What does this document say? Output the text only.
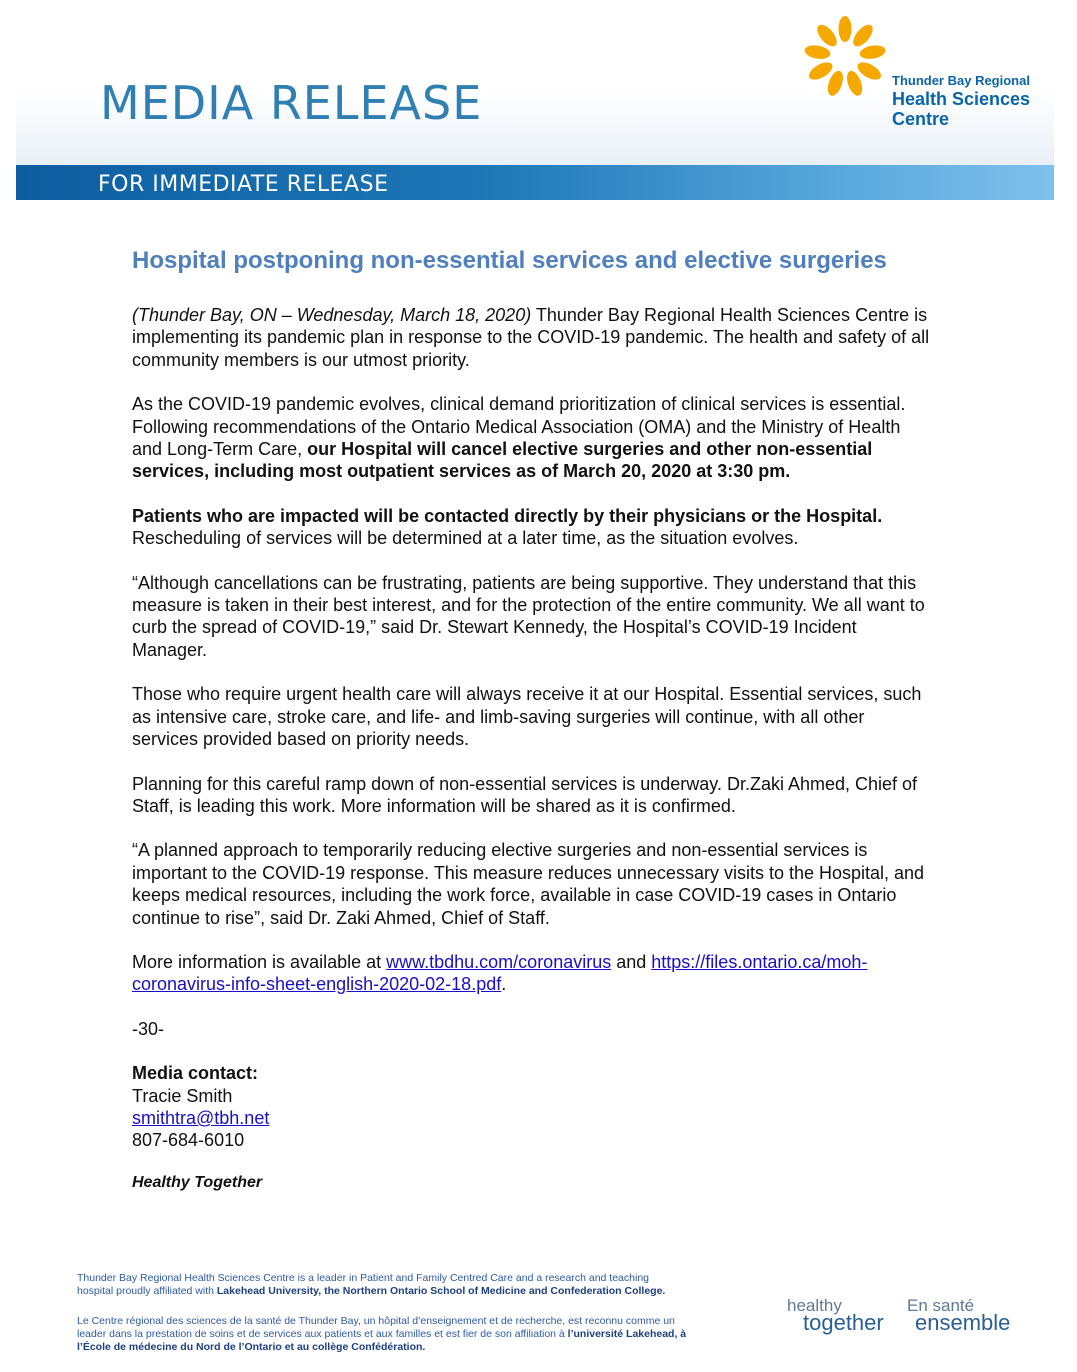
MEDIA RELEASE	Thunder Bay Regional
Health Sciences
Centre
FOR IMMEDIATE RELEASE
Hospital postponing non-essential services and elective surgeries

(Thunder Bay, ON – Wednesday, March 18, 2020) Thunder Bay Regional Health Sciences Centre is implementing its pandemic plan in response to the COVID-19 pandemic. The health and safety of all community members is our utmost priority.

As the COVID-19 pandemic evolves, clinical demand prioritization of clinical services is essential. Following recommendations of the Ontario Medical Association (OMA) and the Ministry of Health and Long-Term Care, our Hospital will cancel elective surgeries and other non-essential services, including most outpatient services as of March 20, 2020 at 3:30 pm.

Patients who are impacted will be contacted directly by their physicians or the Hospital. Rescheduling of services will be determined at a later time, as the situation evolves.

“Although cancellations can be frustrating, patients are being supportive. They understand that this measure is taken in their best interest, and for the protection of the entire community. We all want to curb the spread of COVID-19,” said Dr. Stewart Kennedy, the Hospital’s COVID-19 Incident Manager.

Those who require urgent health care will always receive it at our Hospital. Essential services, such as intensive care, stroke care, and life- and limb-saving surgeries will continue, with all other services provided based on priority needs.

Planning for this careful ramp down of non-essential services is underway. Dr.Zaki Ahmed, Chief of Staff, is leading this work. More information will be shared as it is confirmed.

“A planned approach to temporarily reducing elective surgeries and non-essential services is important to the COVID-19 response. This measure reduces unnecessary visits to the Hospital, and keeps medical resources, including the work force, available in case COVID-19 cases in Ontario continue to rise”, said Dr. Zaki Ahmed, Chief of Staff.

More information is available at www.tbdhu.com/coronavirus and https://files.ontario.ca/moh-coronavirus-info-sheet-english-2020-02-18.pdf.

-30-
Media contact:
Tracie Smith
smithtra@tbh.net
807-684-6010
Healthy Together
Thunder Bay Regional Health Sciences Centre is a leader in Patient and Family Centred Care and a research and teaching hospital proudly affiliated with Lakehead University, the Northern Ontario School of Medicine and Confederation College.
Le Centre régional des sciences de la santé de Thunder Bay, un hôpital d’enseignement et de recherche, est reconnu comme un leader dans la prestation de soins et de services aux patients et aux familles et est fier de son affiliation à l’université Lakehead, à l’École de médecine du Nord de l’Ontario et au collège Confédération.
healthy
together
En santé
ensemble
